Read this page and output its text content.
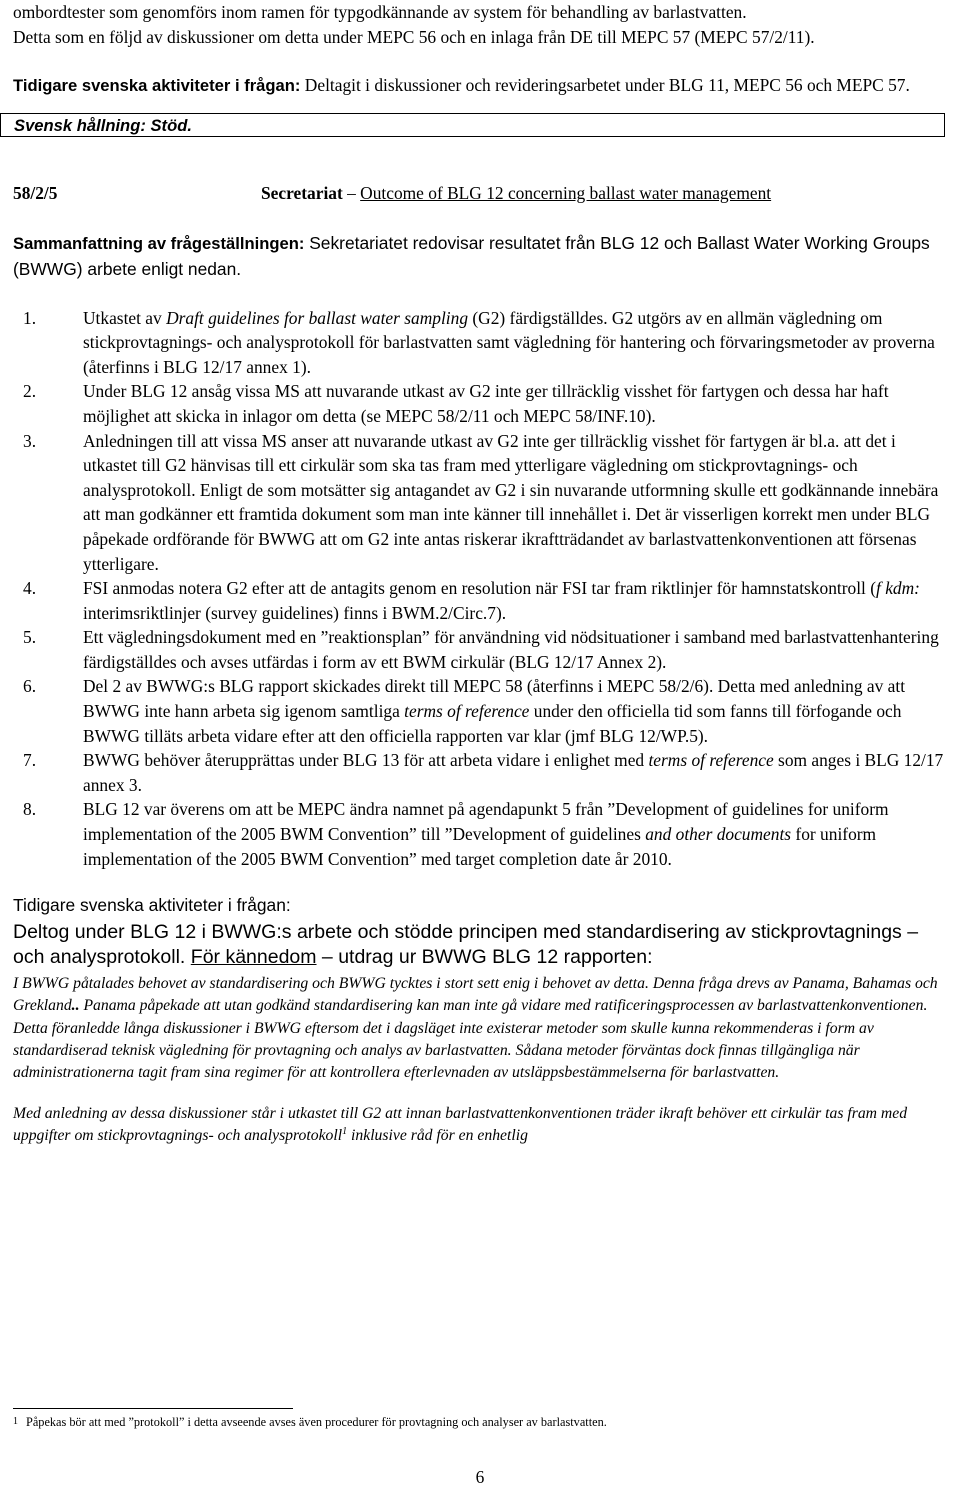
ombordtester som genomförs inom ramen för typgodkännande av system för behandling av barlastvatten.

Detta som en följd av diskussioner om detta under MEPC 56 och en inlaga från DE till MEPC 57 (MEPC 57/2/11).

Tidigare svenska aktiviteter i frågan: Deltagit i diskussioner och revideringsarbetet under BLG 11, MEPC 56 och MEPC 57.

Svensk hållning: Stöd.
58/2/5	Secretariat – Outcome of BLG 12 concerning ballast water management

Sammanfattning av frågeställningen: Sekretariatet redovisar resultatet från BLG 12 och Ballast Water Working Groups (BWWG) arbete enligt nedan.

1.	Utkastet av Draft guidelines for ballast water sampling (G2) färdigställdes. G2 utgörs av en allmän vägledning om stickprovtagnings- och analysprotokoll för barlastvatten samt vägledning för hantering och förvaringsmetoder av proverna (återfinns i BLG 12/17 annex 1).
2.	Under BLG 12 ansåg vissa MS att nuvarande utkast av G2 inte ger tillräcklig visshet för fartygen och dessa har haft möjlighet att skicka in inlagor om detta (se MEPC 58/2/11 och MEPC 58/INF.10).
3.	Anledningen till att vissa MS anser att nuvarande utkast av G2 inte ger tillräcklig visshet för fartygen är bl.a. att det i utkastet till G2 hänvisas till ett cirkulär som ska tas fram med ytterligare vägledning om stickprovtagnings- och analysprotokoll. Enligt de som motsätter sig antagandet av G2 i sin nuvarande utformning skulle ett godkännande innebära att man godkänner ett framtida dokument som man inte känner till innehållet i. Det är visserligen korrekt men under BLG påpekade ordförande för BWWG att om G2 inte antas riskerar ikraftträdandet av barlastvattenkonventionen att försenas ytterligare.
4.	FSI anmodas notera G2 efter att de antagits genom en resolution när FSI tar fram riktlinjer för hamnstatskontroll (f kdm: interimsriktlinjer (survey guidelines) finns i BWM.2/Circ.7).
5.	Ett vägledningsdokument med en ”reaktionsplan” för användning vid nödsituationer i samband med barlastvattenhantering färdigställdes och avses utfärdas i form av ett BWM cirkulär (BLG 12/17 Annex 2).
6.	Del 2 av BWWG:s BLG rapport skickades direkt till MEPC 58 (återfinns i MEPC 58/2/6). Detta med anledning av att BWWG inte hann arbeta sig igenom samtliga terms of reference under den officiella tid som fanns till förfogande och BWWG tilläts arbeta vidare efter att den officiella rapporten var klar (jmf BLG 12/WP.5).
7.	BWWG behöver återupprättas under BLG 13 för att arbeta vidare i enlighet med terms of reference som anges i BLG 12/17 annex 3.
8.	BLG 12 var överens om att be MEPC ändra namnet på agendapunkt 5 från ”Development of guidelines for uniform implementation of the 2005 BWM Convention” till ”Development of guidelines and other documents for uniform implementation of the 2005 BWM Convention” med target completion date år 2010.

Tidigare svenska aktiviteter i frågan:

Deltog under BLG 12 i BWWG:s arbete och stödde principen med standardisering av stickprovtagnings – och analysprotokoll. För kännedom – utdrag ur BWWG BLG 12 rapporten:

I BWWG påtalades behovet av standardisering och BWWG tycktes i stort sett enig i behovet av detta. Denna fråga drevs av Panama, Bahamas och Grekland.. Panama påpekade att utan godkänd standardisering kan man inte gå vidare med ratificeringsprocessen av barlastvattenkonventionen. Detta föranledde långa diskussioner i BWWG eftersom det i dagsläget inte existerar metoder som skulle kunna rekommenderas i form av standardiserad teknisk vägledning för provtagning och analys av barlastvatten. Sådana metoder förväntas dock finnas tillgängliga när administrationerna tagit fram sina regimer för att kontrollera efterlevnaden av utsläppsbestämmelserna för barlastvatten.

Med anledning av dessa diskussioner står i utkastet till G2 att innan barlastvattenkonventionen träder ikraft behöver ett cirkulär tas fram med uppgifter om stickprovtagnings- och analysprotokoll$^1$ inklusive råd för en enhetlig

$^1$ Påpekas bör att med ”protokoll” i detta avseende avses även procedurer för provtagning och analyser av barlastvatten.
6
